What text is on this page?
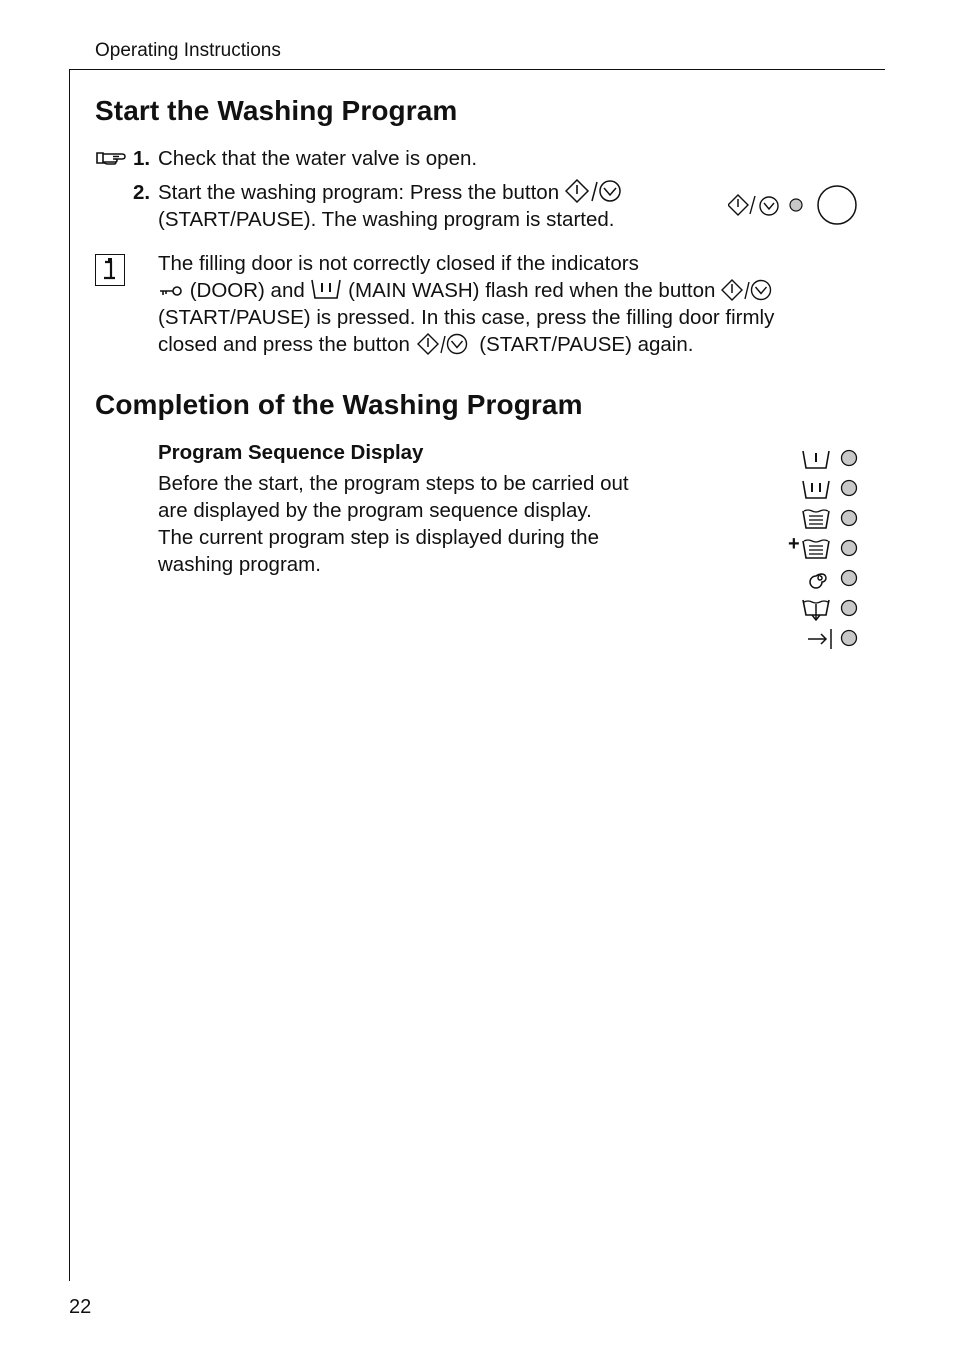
Operating Instructions
Start the Washing Program
1. Check that the water valve is open.
2. Start the washing program: Press the button
(START/PAUSE). The washing program is started.
The filling door is not correctly closed if the indicators
(DOOR) and (MAIN WASH) flash red when the button
(START/PAUSE) is pressed. In this case, press the filling door firmly
closed and press the button	(START/PAUSE) again.
Completion of the Washing Program
Program Sequence Display
Before the start, the program steps to be carried out
are displayed by the program sequence display.
The current program step is displayed during the
washing program.
+
22
